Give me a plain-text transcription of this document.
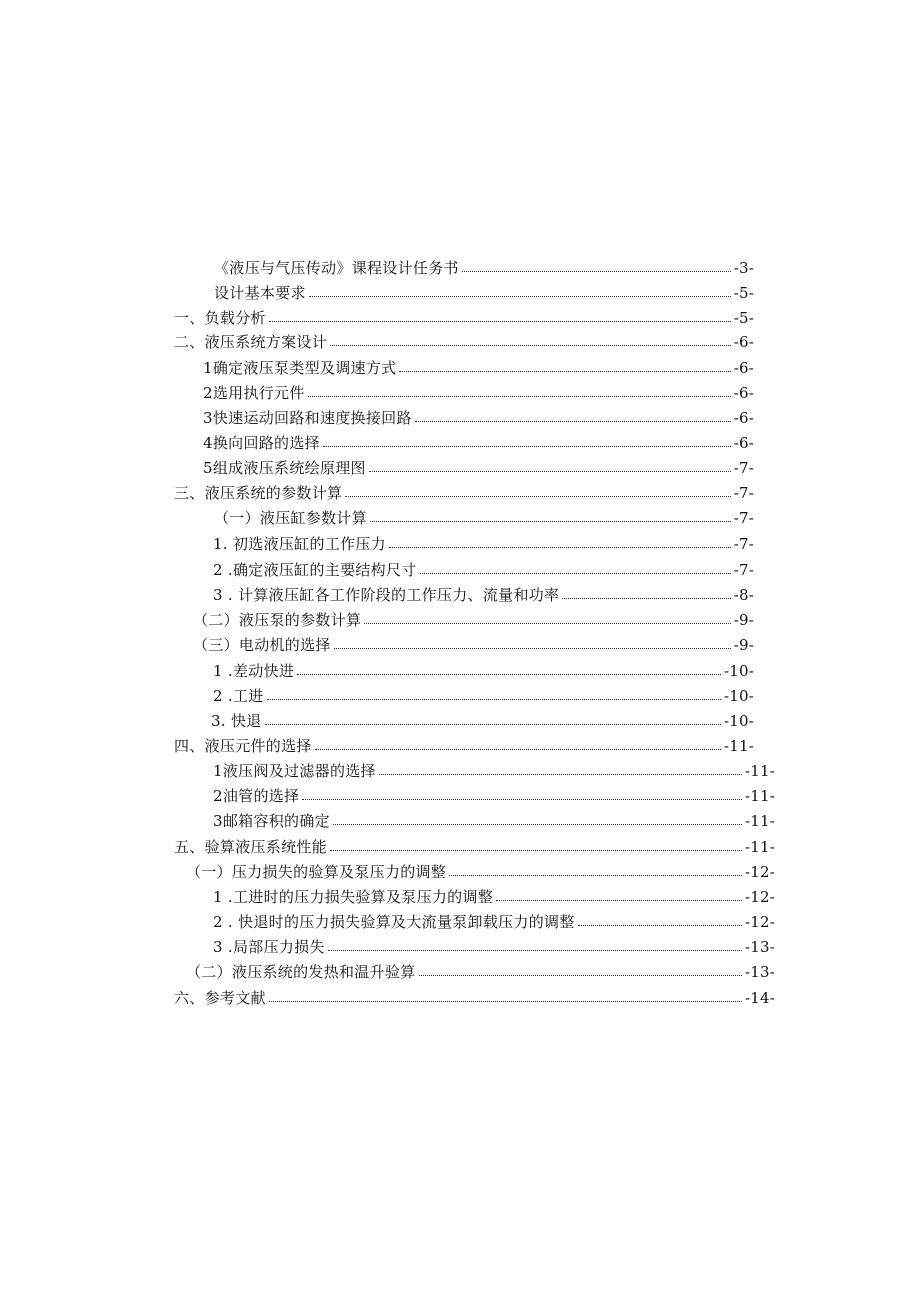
《液压与气压传动》课程设计任务书	-3-
设计基本要求	-5-
一、负载分析	-5-
二、液压系统方案设计	-6-
1确定液压泵类型及调速方式	-6-
2选用执行元件	-6-
3快速运动回路和速度换接回路	-6-
4换向回路的选择	-6-
5组成液压系统绘原理图	-7-
三、液压系统的参数计算	-7-
（一）液压缸参数计算	-7-
1. 初选液压缸的工作压力	-7-
2 .确定液压缸的主要结构尺寸	-7-
3 . 计算液压缸各工作阶段的工作压力、流量和功率	-8-
（二）液压泵的参数计算	-9-
（三）电动机的选择	-9-
1 .差动快进	-10-
2 .工进	-10-
3. 快退	-10-
四、液压元件的选择	-11-
1液压阀及过滤器的选择	-11-
2油管的选择	-11-
3邮箱容积的确定	-11-
五、验算液压系统性能	-11-
（一）压力损失的验算及泵压力的调整	-12-
1 .工进时的压力损失验算及泵压力的调整	-12-
2 . 快退时的压力损失验算及大流量泵卸载压力的调整	-12-
3 .局部压力损失	-13-
（二）液压系统的发热和温升验算	-13-
六、参考文献	-14-
